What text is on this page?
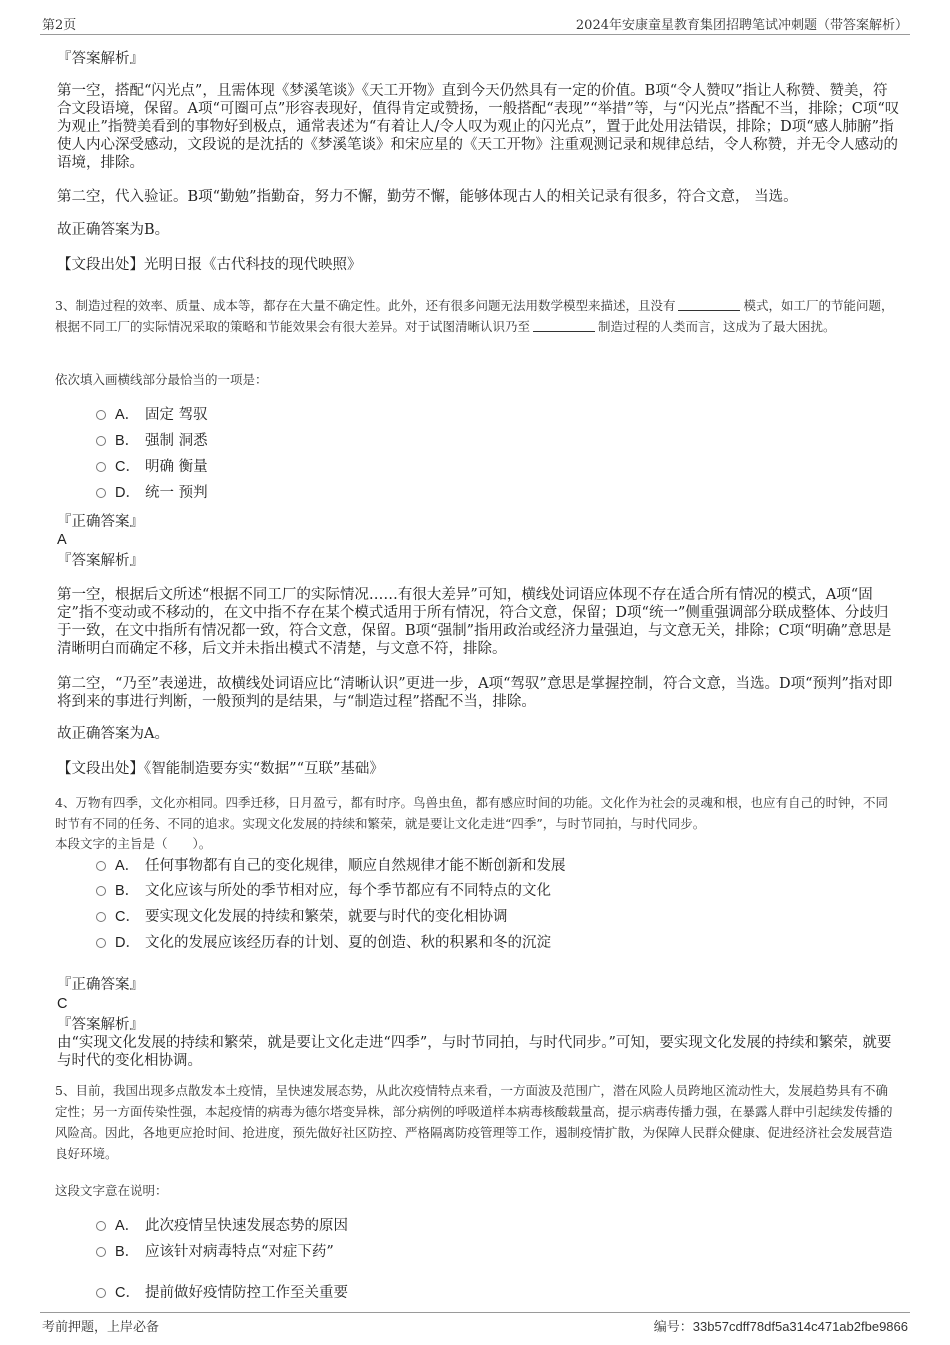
第2页	2024年安康童星教育集团招聘笔试冲刺题（带答案解析）
『答案解析』
第一空，搭配“闪光点”，且需体现《梦溪笔谈》《天工开物》直到今天仍然具有一定的价值。B项“令人赞叹”指让人称赞、赞美，符合文段语境，保留。A项“可圈可点”形容表现好，值得肯定或赞扬，一般搭配“表现”“举措”等，与“闪光点”搭配不当，排除；C项“叹为观止”指赞美看到的事物好到极点，通常表述为“有着让人/令人叹为观止的闪光点”，置于此处用法错误，排除；D项“感人肺腑”指使人内心深受感动，文段说的是沈括的《梦溪笔谈》和宋应星的《天工开物》注重观测记录和规律总结，令人称赞，并无令人感动的语境，排除。
第二空，代入验证。B项“勤勉”指勤奋，努力不懈，勤劳不懈，能够体现古人的相关记录有很多，符合文意， 当选。
故正确答案为B。
【文段出处】光明日报《古代科技的现代映照》
3、制造过程的效率、质量、成本等，都存在大量不确定性。此外，还有很多问题无法用数学模型来描述，且没有	模式，如工厂的节能问题，根据不同工厂的实际情况采取的策略和节能效果会有很大差异。对于试图清晰认识乃至	制造过程的人类而言，这成为了最大困扰。
依次填入画横线部分最恰当的一项是：
A． 固定 驾驭
B． 强制 洞悉
C． 明确 衡量
D． 统一 预判
『正确答案』
A
『答案解析』
第一空，根据后文所述“根据不同工厂的实际情况……有很大差异”可知，横线处词语应体现不存在适合所有情况的模式，A项“固定”指不变动或不移动的，在文中指不存在某个模式适用于所有情况，符合文意，保留；D项“统一”侧重强调部分联成整体、分歧归于一致，在文中指所有情况都一致，符合文意，保留。B项“强制”指用政治或经济力量强迫，与文意无关，排除；C项“明确”意思是清晰明白而确定不移，后文并未指出模式不清楚，与文意不符，排除。
第二空，“乃至”表递进，故横线处词语应比“清晰认识”更进一步，A项“驾驭”意思是掌握控制，符合文意，当选。D项“预判”指对即将到来的事进行判断，一般预判的是结果，与“制造过程”搭配不当，排除。
故正确答案为A。
【文段出处】《智能制造要夯实“数据”“互联”基础》
4、万物有四季，文化亦相同。四季迁移，日月盈亏，都有时序。鸟兽虫鱼，都有感应时间的功能。文化作为社会的灵魂和根，也应有自己的时钟，不同时节有不同的任务、不同的追求。实现文化发展的持续和繁荣，就是要让文化走进“四季”，与时节同拍，与时代同步。
本段文字的主旨是（　　）。
A． 任何事物都有自己的变化规律，顺应自然规律才能不断创新和发展
B． 文化应该与所处的季节相对应，每个季节都应有不同特点的文化
C． 要实现文化发展的持续和繁荣，就要与时代的变化相协调
D． 文化的发展应该经历春的计划、夏的创造、秋的积累和冬的沉淀
『正确答案』
C
『答案解析』
由“实现文化发展的持续和繁荣，就是要让文化走进“四季”，与时节同拍，与时代同步。”可知，要实现文化发展的持续和繁荣，就要与时代的变化相协调。
5、目前，我国出现多点散发本土疫情，呈快速发展态势，从此次疫情特点来看，一方面波及范围广，潜在风险人员跨地区流动性大，发展趋势具有不确定性；另一方面传染性强，本起疫情的病毒为德尔塔变异株，部分病例的呼吸道样本病毒核酸载量高，提示病毒传播力强，在暴露人群中引起续发传播的风险高。因此，各地更应抢时间、抢进度，预先做好社区防控、严格隔离防疫管理等工作，遏制疫情扩散，为保障人民群众健康、促进经济社会发展营造良好环境。
这段文字意在说明：
A． 此次疫情呈快速发展态势的原因
B． 应该针对病毒特点“对症下药”
C． 提前做好疫情防控工作至关重要
考前押题，上岸必备	编号：33b57cdff78df5a314c471ab2fbe9866
